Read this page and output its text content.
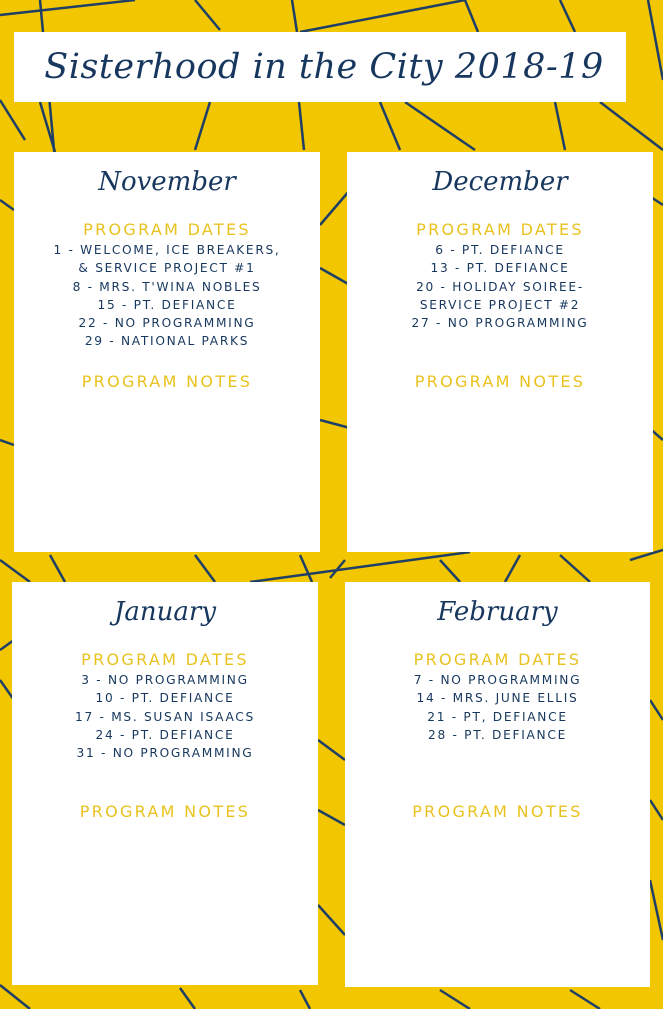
Sisterhood in the City 2018-19
November
PROGRAM DATES
1 - WELCOME, ICE BREAKERS,
& SERVICE PROJECT #1
8 - MRS. T'WINA NOBLES
15 - PT. DEFIANCE
22 - NO PROGRAMMING
29 - NATIONAL PARKS
PROGRAM NOTES
December
PROGRAM DATES
6 - PT. DEFIANCE
13 - PT. DEFIANCE
20 - HOLIDAY SOIREE-
SERVICE PROJECT #2
27 - NO PROGRAMMING
PROGRAM NOTES
January
PROGRAM DATES
3 - NO PROGRAMMING
10 - PT. DEFIANCE
17 - MS. SUSAN ISAACS
24 - PT. DEFIANCE
31 - NO PROGRAMMING
PROGRAM NOTES
February
PROGRAM DATES
7 - NO PROGRAMMING
14 - MRS. JUNE ELLIS
21 - PT, DEFIANCE
28 - PT. DEFIANCE
PROGRAM NOTES
